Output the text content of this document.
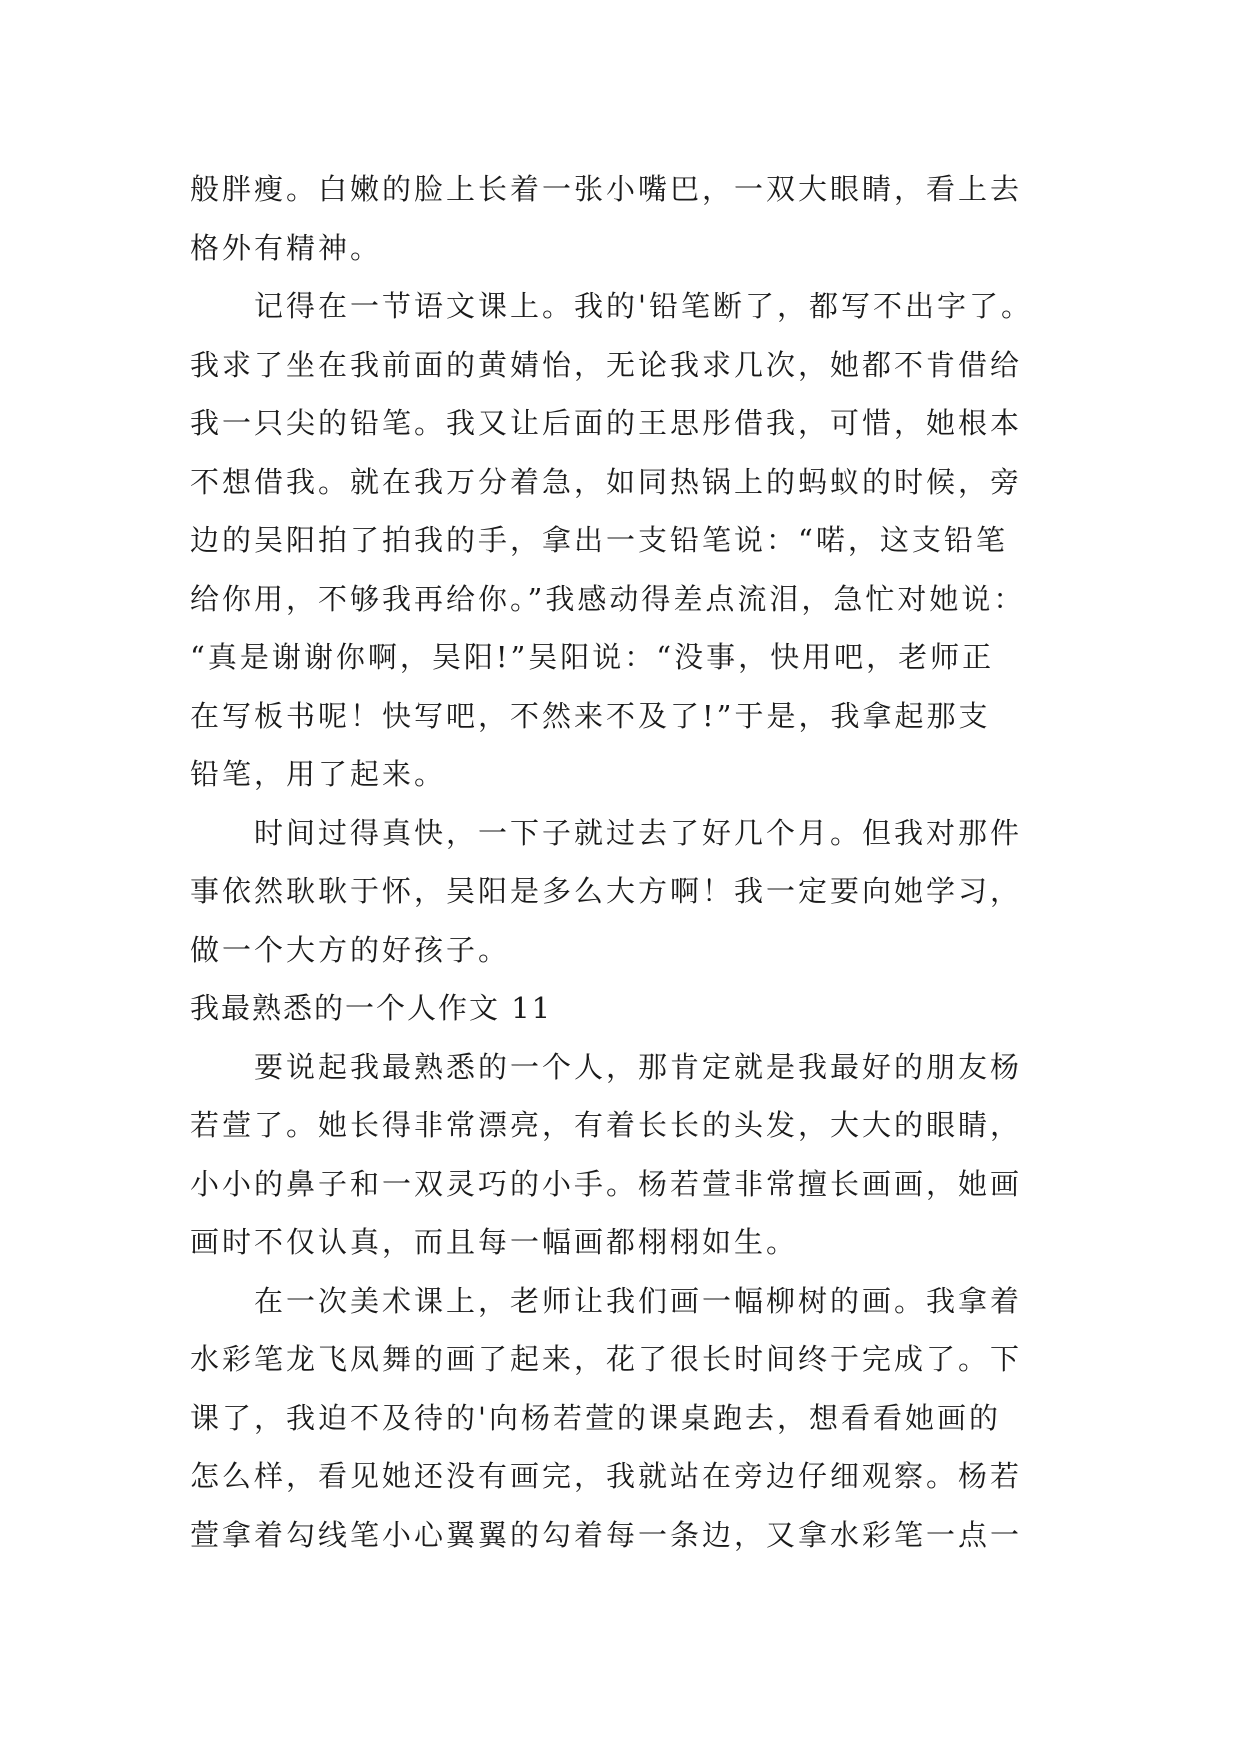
般胖瘦。白嫩的脸上长着一张小嘴巴，一双大眼睛，看上去
格外有精神。
记得在一节语文课上。我的'铅笔断了，都写不出字了。
我求了坐在我前面的黄婧怡，无论我求几次，她都不肯借给
我一只尖的铅笔。我又让后面的王思彤借我，可惜，她根本
不想借我。就在我万分着急，如同热锅上的蚂蚁的时候，旁
边的吴阳拍了拍我的手，拿出一支铅笔说：“喏，这支铅笔
给你用，不够我再给你。”我感动得差点流泪，急忙对她说：
“真是谢谢你啊，吴阳!”吴阳说：“没事，快用吧，老师正
在写板书呢！快写吧，不然来不及了!”于是，我拿起那支
铅笔，用了起来。
时间过得真快，一下子就过去了好几个月。但我对那件
事依然耿耿于怀，吴阳是多么大方啊！我一定要向她学习，
做一个大方的好孩子。
我最熟悉的一个人作文 11
要说起我最熟悉的一个人，那肯定就是我最好的朋友杨
若萱了。她长得非常漂亮，有着长长的头发，大大的眼睛，
小小的鼻子和一双灵巧的小手。杨若萱非常擅长画画，她画
画时不仅认真，而且每一幅画都栩栩如生。
在一次美术课上，老师让我们画一幅柳树的画。我拿着
水彩笔龙飞凤舞的画了起来，花了很长时间终于完成了。下
课了，我迫不及待的'向杨若萱的课桌跑去，想看看她画的
怎么样，看见她还没有画完，我就站在旁边仔细观察。杨若
萱拿着勾线笔小心翼翼的勾着每一条边，又拿水彩笔一点一
